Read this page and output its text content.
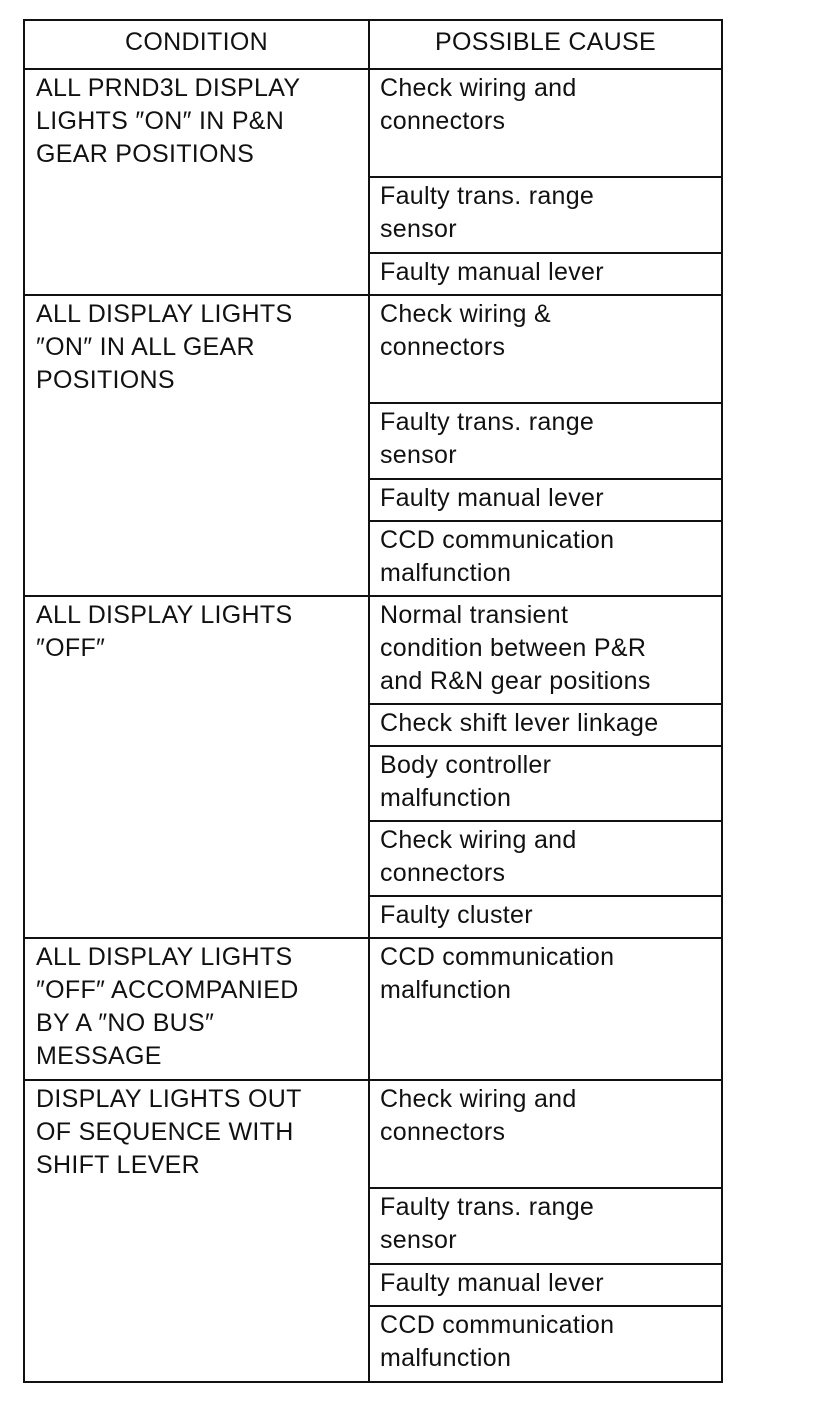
CONDITION	POSSIBLE CAUSE

ALL PRND3L DISPLAY
LIGHTS ″ON″ IN P&N
GEAR POSITIONS	Check wiring and
connectors

	Faulty trans. range
sensor

	Faulty manual lever

ALL DISPLAY LIGHTS
″ON″ IN ALL GEAR
POSITIONS	Check wiring &
connectors

	Faulty trans. range
sensor

	Faulty manual lever

	CCD communication
malfunction

ALL DISPLAY LIGHTS
″OFF″	Normal transient
condition between P&R
and R&N gear positions

	Check shift lever linkage

	Body controller
malfunction

	Check wiring and
connectors

	Faulty cluster

ALL DISPLAY LIGHTS
″OFF″ ACCOMPANIED
BY A ″NO BUS″
MESSAGE	CCD communication
malfunction

DISPLAY LIGHTS OUT
OF SEQUENCE WITH
SHIFT LEVER	Check wiring and
connectors

	Faulty trans. range
sensor

	Faulty manual lever

	CCD communication
malfunction
